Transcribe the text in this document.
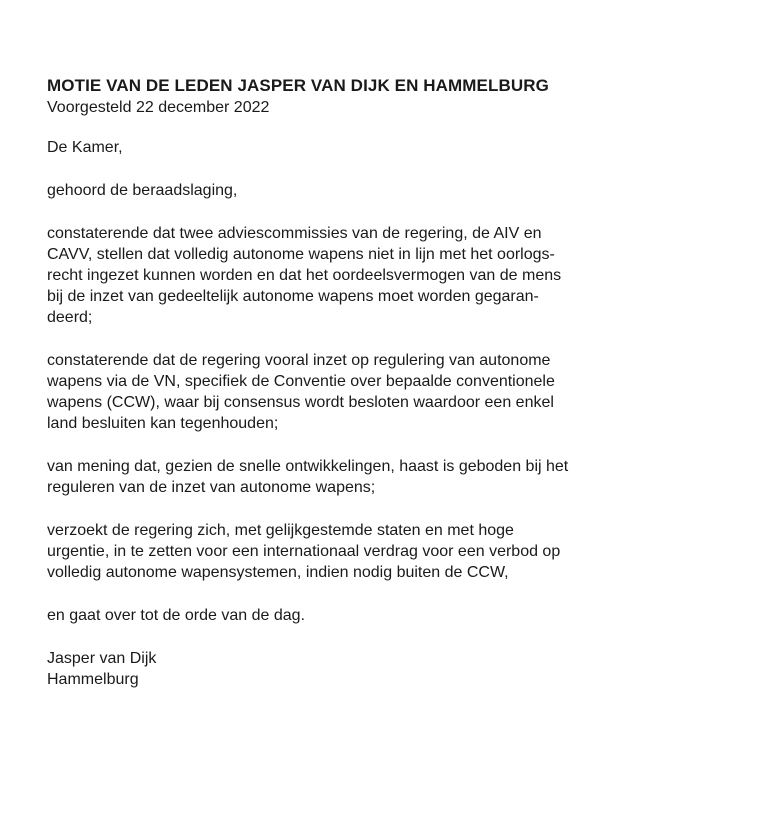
MOTIE VAN DE LEDEN JASPER VAN DIJK EN HAMMELBURG

Voorgesteld 22 december 2022

De Kamer,

gehoord de beraadslaging,

constaterende dat twee adviescommissies van de regering, de AIV en
CAVV, stellen dat volledig autonome wapens niet in lijn met het oorlogs-
recht ingezet kunnen worden en dat het oordeelsvermogen van de mens
bij de inzet van gedeeltelijk autonome wapens moet worden gegaran-
deerd;

constaterende dat de regering vooral inzet op regulering van autonome
wapens via de VN, specifiek de Conventie over bepaalde conventionele
wapens (CCW), waar bij consensus wordt besloten waardoor een enkel
land besluiten kan tegenhouden;

van mening dat, gezien de snelle ontwikkelingen, haast is geboden bij het
reguleren van de inzet van autonome wapens;

verzoekt de regering zich, met gelijkgestemde staten en met hoge
urgentie, in te zetten voor een internationaal verdrag voor een verbod op
volledig autonome wapensystemen, indien nodig buiten de CCW,

en gaat over tot de orde van de dag.

Jasper van Dijk
Hammelburg
